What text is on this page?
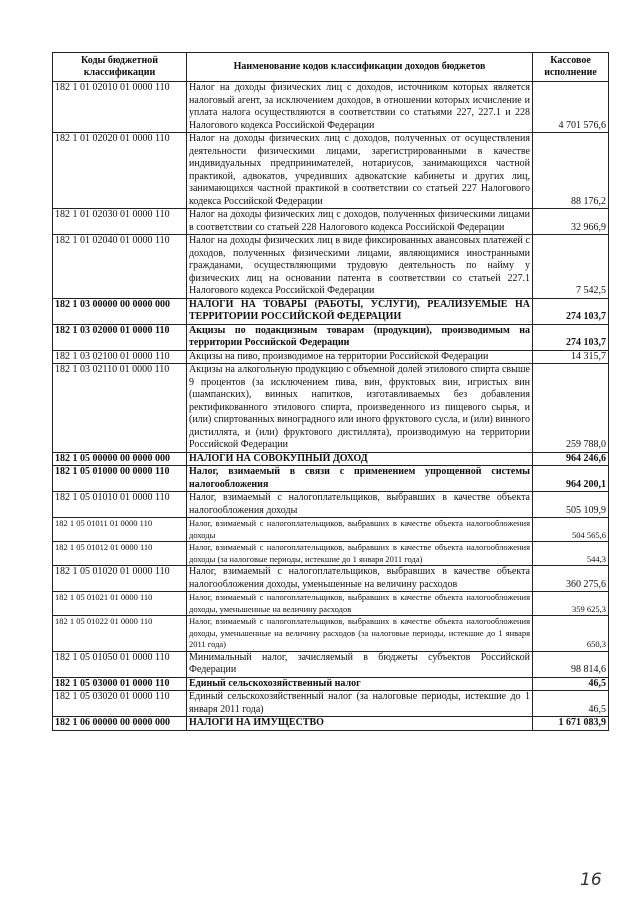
Коды бюджетной классификации	Наименование кодов классификации доходов бюджетов	Кассовое исполнение
182 1 01 02010 01 0000 110	Налог на доходы физических лиц с доходов, источником которых является налоговый агент, за исключением доходов, в отношении которых исчисление и уплата налога осуществляются в соответствии со статьями 227, 227.1 и 228 Налогового кодекса Российской Федерации	4 701 576,6
182 1 01 02020 01 0000 110	Налог на доходы физических лиц с доходов, полученных от осуществления деятельности физическими лицами, зарегистрированными в качестве индивидуальных предпринимателей, нотариусов, занимающихся частной практикой, адвокатов, учредивших адвокатские кабинеты и других лиц, занимающихся частной практикой в соответствии со статьей 227 Налогового кодекса Российской Федерации	88 176,2
182 1 01 02030 01 0000 110	Налог на доходы физических лиц с доходов, полученных физическими лицами в соответствии со статьей 228 Налогового кодекса Российской Федерации	32 966,9
182 1 01 02040 01 0000 110	Налог на доходы физических лиц в виде фиксированных авансовых платежей с доходов, полученных физическими лицами, являющимися иностранными гражданами, осуществляющими трудовую деятельность по найму у физических лиц на основании патента в соответствии со статьей 227.1 Налогового кодекса Российской Федерации	7 542,5
182 1 03 00000 00 0000 000	НАЛОГИ НА ТОВАРЫ (РАБОТЫ, УСЛУГИ), РЕАЛИЗУЕМЫЕ НА ТЕРРИТОРИИ РОССИЙСКОЙ ФЕДЕРАЦИИ	274 103,7
182 1 03 02000 01 0000 110	Акцизы по подакцизным товарам (продукции), производимым на территории Российской Федерации	274 103,7
182 1 03 02100 01 0000 110	Акцизы на пиво, производимое на территории Российской Федерации	14 315,7
182 1 03 02110 01 0000 110	Акцизы на алкогольную продукцию с объемной долей этилового спирта свыше 9 процентов (за исключением пива, вин, фруктовых вин, игристых вин (шампанских), винных напитков, изготавливаемых без добавления ректификованного этилового спирта, произведенного из пищевого сырья, и (или) спиртованных виноградного или иного фруктового сусла, и (или) винного дистиллята, и (или) фруктового дистиллята), производимую на территории Российской Федерации	259 788,0
182 1 05 00000 00 0000 000	НАЛОГИ НА СОВОКУПНЫЙ ДОХОД	964 246,6
182 1 05 01000 00 0000 110	Налог, взимаемый в связи с применением упрощенной системы налогообложения	964 200,1
182 1 05 01010 01 0000 110	Налог, взимаемый с налогоплательщиков, выбравших в качестве объекта налогообложения доходы	505 109,9
182 1 05 01011 01 0000 110	Налог, взимаемый с налогоплательщиков, выбравших в качестве объекта налогообложения доходы	504 565,6
182 1 05 01012 01 0000 110	Налог, взимаемый с налогоплательщиков, выбравших в качестве объекта налогообложения доходы (за налоговые периоды, истекшие до 1 января 2011 года)	544,3
182 1 05 01020 01 0000 110	Налог, взимаемый с налогоплательщиков, выбравших в качестве объекта налогообложения доходы, уменьшенные на величину расходов	360 275,6
182 1 05 01021 01 0000 110	Налог, взимаемый с налогоплательщиков, выбравших в качестве объекта налогообложения доходы, уменьшенные на величину расходов	359 625,3
182 1 05 01022 01 0000 110	Налог, взимаемый с налогоплательщиков, выбравших в качестве объекта налогообложения доходы, уменьшенные на величину расходов (за налоговые периоды, истекшие до 1 января 2011 года)	650,3
182 1 05 01050 01 0000 110	Минимальный налог, зачисляемый в бюджеты субъектов Российской Федерации	98 814,6
182 1 05 03000 01 0000 110	Единый сельскохозяйственный налог	46,5
182 1 05 03020 01 0000 110	Единый сельскохозяйственный налог (за налоговые периоды, истекшие до 1 января 2011 года)	46,5
182 1 06 00000 00 0000 000	НАЛОГИ НА ИМУЩЕСТВО	1 671 083,9
16
